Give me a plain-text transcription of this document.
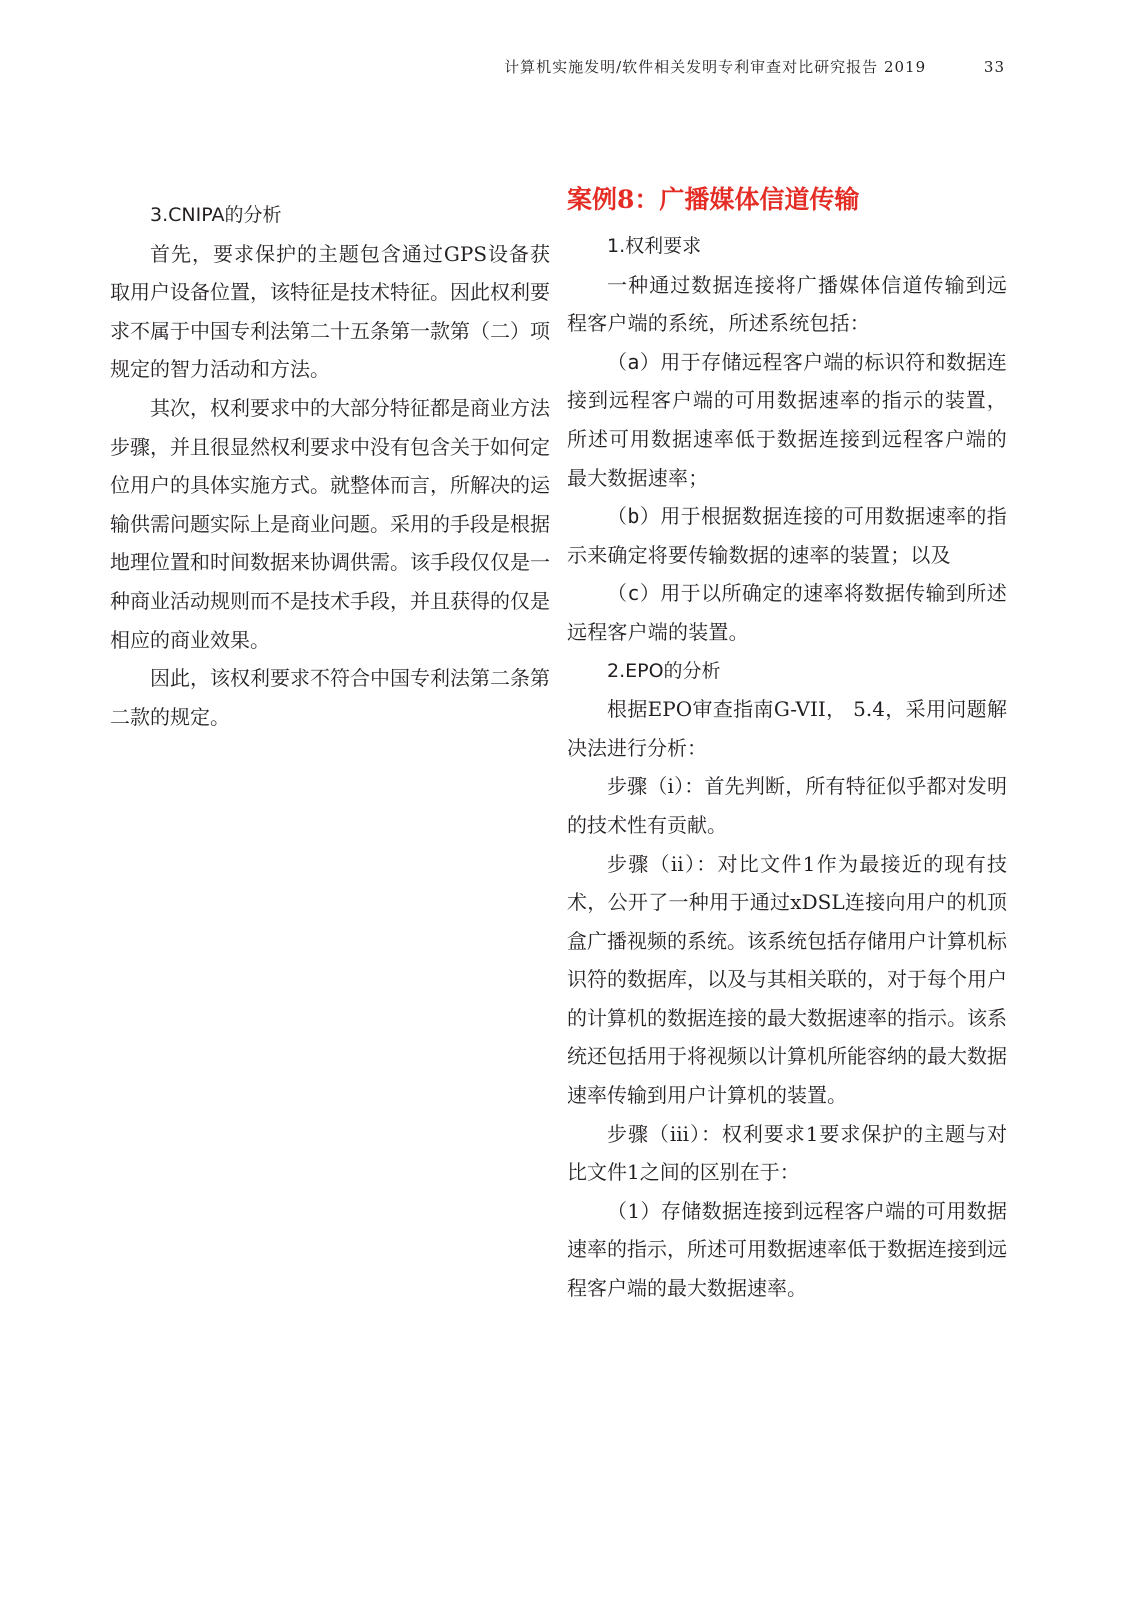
计算机实施发明/软件相关发明专利审查对比研究报告 2019	33
3.CNIPA的分析

首先，要求保护的主题包含通过GPS设备获取用户设备位置，该特征是技术特征。因此权利要求不属于中国专利法第二十五条第一款第（二）项规定的智力活动和方法。

其次，权利要求中的大部分特征都是商业方法步骤，并且很显然权利要求中没有包含关于如何定位用户的具体实施方式。就整体而言，所解决的运输供需问题实际上是商业问题。采用的手段是根据地理位置和时间数据来协调供需。该手段仅仅是一种商业活动规则而不是技术手段，并且获得的仅是相应的商业效果。

因此，该权利要求不符合中国专利法第二条第二款的规定。

案例8：广播媒体信道传输
1.权利要求

一种通过数据连接将广播媒体信道传输到远程客户端的系统，所述系统包括：

（a）用于存储远程客户端的标识符和数据连接到远程客户端的可用数据速率的指示的装置，所述可用数据速率低于数据连接到远程客户端的最大数据速率；

（b）用于根据数据连接的可用数据速率的指示来确定将要传输数据的速率的装置；以及

（c）用于以所确定的速率将数据传输到所述远程客户端的装置。

2.EPO的分析

根据EPO审查指南G-VII， 5.4，采用问题解决法进行分析：

步骤（i）：首先判断，所有特征似乎都对发明的技术性有贡献。

步骤（ii）：对比文件1作为最接近的现有技术，公开了一种用于通过xDSL连接向用户的机顶盒广播视频的系统。该系统包括存储用户计算机标识符的数据库，以及与其相关联的，对于每个用户的计算机的数据连接的最大数据速率的指示。该系统还包括用于将视频以计算机所能容纳的最大数据速率传输到用户计算机的装置。

步骤（iii）：权利要求1要求保护的主题与对比文件1之间的区别在于：

（1）存储数据连接到远程客户端的可用数据速率的指示，所述可用数据速率低于数据连接到远程客户端的最大数据速率。
